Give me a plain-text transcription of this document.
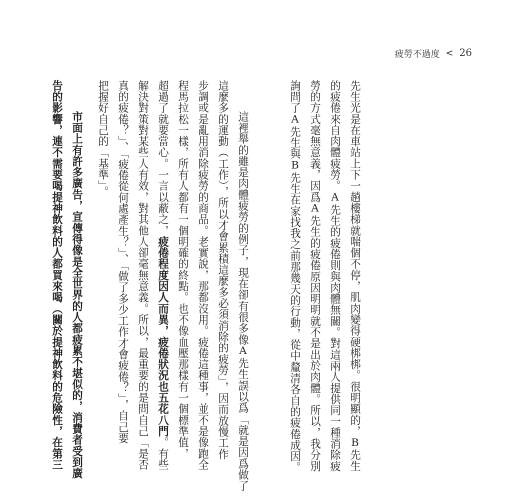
疲勞不過度 < 26
先生光是在車站上下一趟樓梯就喘個不停，肌肉變得硬梆梆。很明顯的，B先生
的疲倦來自肉體疲勞。A先生的疲倦則與肉體無關。對這兩人提供同一種消除疲
勞的方式毫無意義，因爲A先生的疲倦原因明明就不是出於肉體。所以，我分別
詢問了A先生與B先生在家找我之前那幾天的行動，從中釐清各自的疲倦成因。
這裡舉的雖是肉體疲勞的例子，現在卻有很多像A先生誤以爲「就是因爲做了
這麼多的運動（工作），所以才會累積這麼多必須消除的疲勞」，因而放慢工作
步調或是亂用消除疲勞的商品。老實說，那都沒用。疲倦這種事，並不是像跑全
程馬拉松一樣，所有人都有一個明確的終點。也不像血壓那樣有一個標準值，
超過了就要當心。一言以蔽之，疲倦程度因人而異，疲倦狀況也五花八門。有些
解決對策對某些人有效，對其他人卻毫無意義。所以，最重要的是問自己「是否
真的疲倦？」、「疲倦從何處產生？」、「做了多少工作才會疲倦？」，自己要
把握好自己的「基準」。
市面上有許多廣告，宣傳得像是全世界的人都疲累不堪似的，消費者受到廣
告的影響，連不需要喝提神飲料的人都買來喝（關於提神飲料的危險性，在第三
